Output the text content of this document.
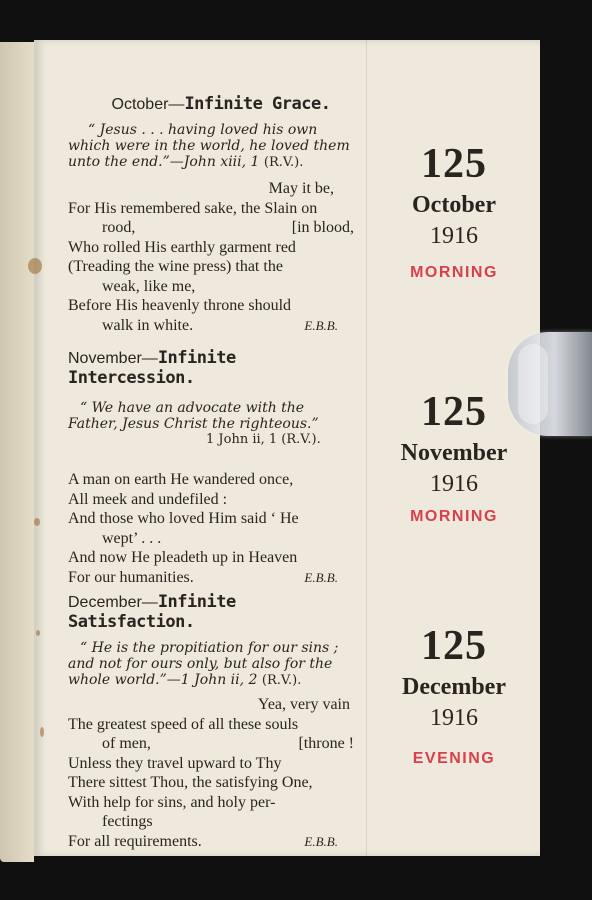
October—Infinite Grace.
“ Jesus . . . having loved his own
which were in the world, he loved them
unto the end.”—John xiii, 1 (R.V.).
May it be,
For His remembered sake, the Slain on
rood,	[in blood,
Who rolled His earthly garment red
(Treading the wine press) that the
weak, like me,
Before His heavenly throne should
walk in white.	E.B.B.
November—Infinite Intercession.
“ We have an advocate with the
Father, Jesus Christ the righteous.”
1 John ii, 1 (R.V.).
A man on earth He wandered once,
All meek and undefiled :
And those who loved Him said ‘ He
wept’ . . .
And now He pleadeth up in Heaven
For our humanities.	E.B.B.
December—Infinite Satisfaction.
“ He is the propitiation for our sins ;
and not for ours only, but also for the
whole world.”—1 John ii, 2 (R.V.).
Yea, very vain
The greatest speed of all these souls
of men,	[throne !
Unless they travel upward to Thy
There sittest Thou, the satisfying One,
With help for sins, and holy per-
fectings
For all requirements.	E.B.B.
125
October
1916
MORNING
125
November
1916
MORNING
125
December
1916
EVENING
